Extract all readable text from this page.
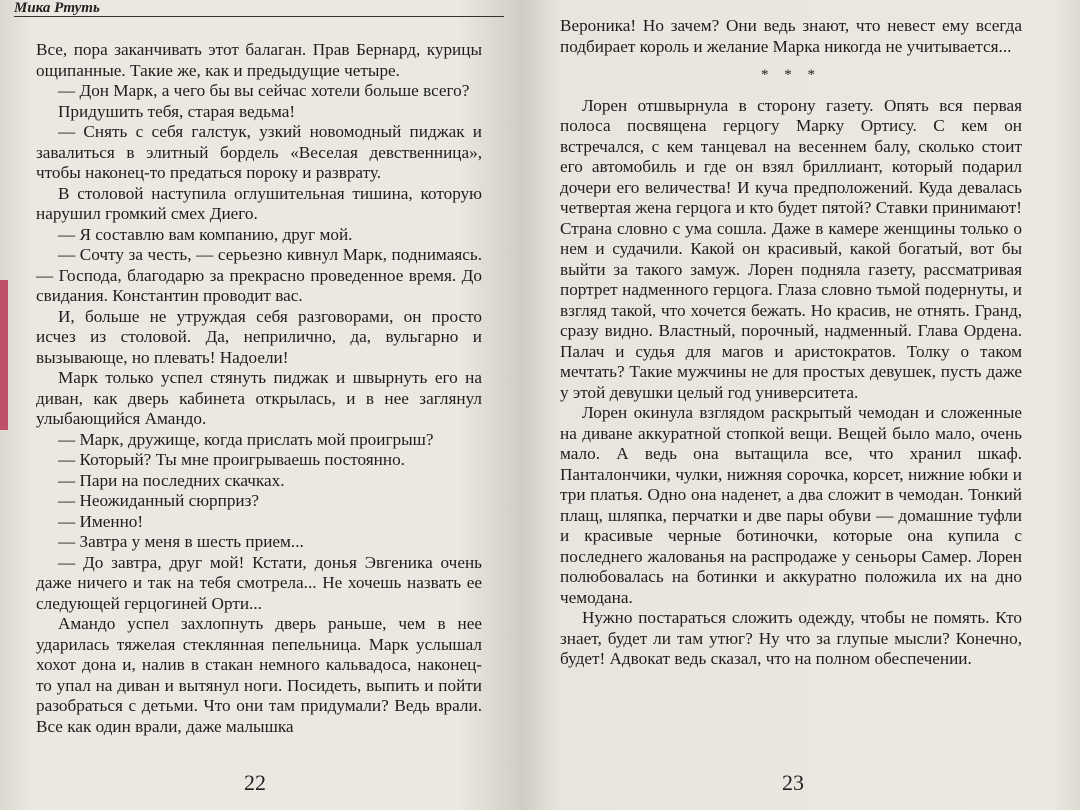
Мика Ртуть

Все, пора заканчивать этот балаган. Прав Бернард, курицы ощипанные. Такие же, как и предыдущие четыре.

— Дон Марк, а чего бы вы сейчас хотели больше всего?

Придушить тебя, старая ведьма!

— Снять с себя галстук, узкий новомодный пиджак и завалиться в элитный бордель «Веселая девственница», чтобы наконец-то предаться пороку и разврату.

В столовой наступила оглушительная тишина, которую нарушил громкий смех Диего.

— Я составлю вам компанию, друг мой.

— Сочту за честь, — серьезно кивнул Марк, поднимаясь. — Господа, благодарю за прекрасно проведенное время. До свидания. Константин проводит вас.

И, больше не утруждая себя разговорами, он просто исчез из столовой. Да, неприлично, да, вульгарно и вызывающе, но плевать! Надоели!

Марк только успел стянуть пиджак и швырнуть его на диван, как дверь кабинета открылась, и в нее заглянул улыбающийся Амандо.

— Марк, дружище, когда прислать мой проигрыш?

— Который? Ты мне проигрываешь постоянно.

— Пари на последних скачках.

— Неожиданный сюрприз?

— Именно!

— Завтра у меня в шесть прием...

— До завтра, друг мой! Кстати, донья Эвгеника очень даже ничего и так на тебя смотрела... Не хочешь назвать ее следующей герцогиней Орти...

Амандо успел захлопнуть дверь раньше, чем в нее ударилась тяжелая стеклянная пепельница. Марк услышал хохот дона и, налив в стакан немного кальвадоса, наконец-то упал на диван и вытянул ноги. Посидеть, выпить и пойти разобраться с детьми. Что они там придумали? Ведь врали. Все как один врали, даже малышка

22

Вероника! Но зачем? Они ведь знают, что невест ему всегда подбирает король и желание Марка никогда не учитывается...

* * *

Лорен отшвырнула в сторону газету. Опять вся первая полоса посвящена герцогу Марку Ортису. С кем он встречался, с кем танцевал на весеннем балу, сколько стоит его автомобиль и где он взял бриллиант, который подарил дочери его величества! И куча предположений. Куда девалась четвертая жена герцога и кто будет пятой? Ставки принимают! Страна словно с ума сошла. Даже в камере женщины только о нем и судачили. Какой он красивый, какой богатый, вот бы выйти за такого замуж. Лорен подняла газету, рассматривая портрет надменного герцога. Глаза словно тьмой подернуты, и взгляд такой, что хочется бежать. Но красив, не отнять. Гранд, сразу видно. Властный, порочный, надменный. Глава Ордена. Палач и судья для магов и аристократов. Толку о таком мечтать? Такие мужчины не для простых девушек, пусть даже у этой девушки целый год университета.

Лорен окинула взглядом раскрытый чемодан и сложенные на диване аккуратной стопкой вещи. Вещей было мало, очень мало. А ведь она вытащила все, что хранил шкаф. Панталончики, чулки, нижняя сорочка, корсет, нижние юбки и три платья. Одно она наденет, а два сложит в чемодан. Тонкий плащ, шляпка, перчатки и две пары обуви — домашние туфли и красивые черные ботиночки, которые она купила с последнего жалованья на распродаже у сеньоры Самер. Лорен полюбовалась на ботинки и аккуратно положила их на дно чемодана.

Нужно постараться сложить одежду, чтобы не помять. Кто знает, будет ли там утюг? Ну что за глупые мысли? Конечно, будет! Адвокат ведь сказал, что на полном обеспечении.

23
